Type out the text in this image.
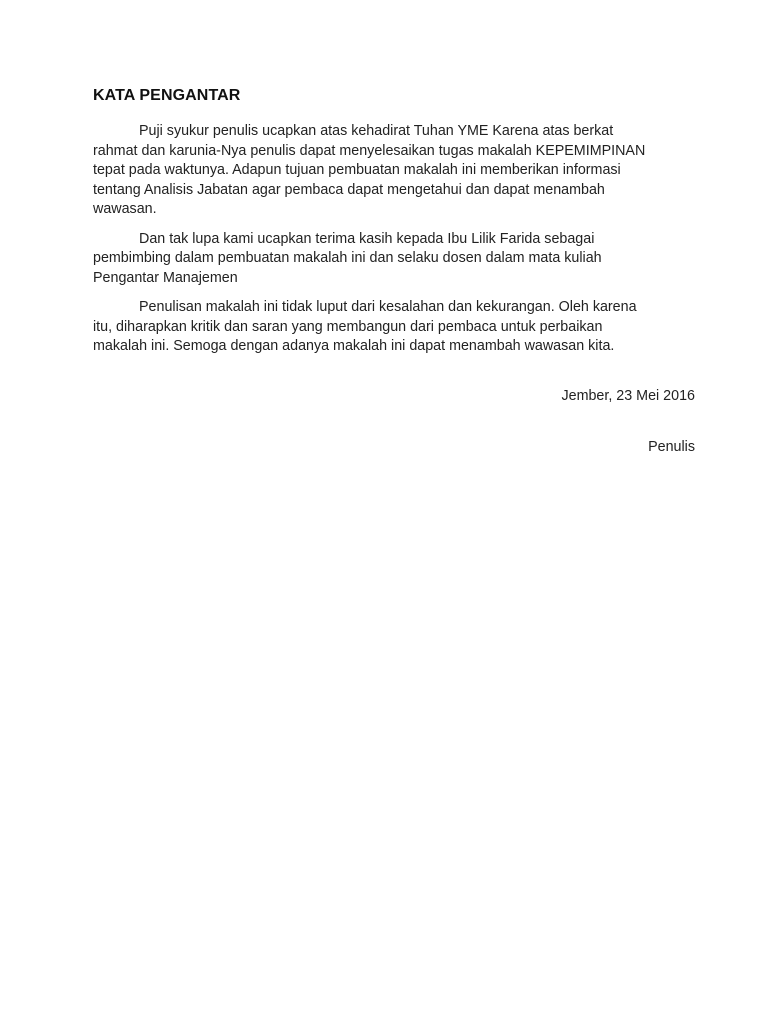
KATA PENGANTAR

Puji syukur penulis ucapkan atas kehadirat Tuhan YME Karena atas berkat
rahmat dan karunia-Nya penulis dapat menyelesaikan tugas makalah KEPEMIMPINAN
tepat pada waktunya. Adapun tujuan pembuatan makalah ini memberikan informasi
tentang Analisis Jabatan agar pembaca dapat mengetahui dan dapat menambah
wawasan.

Dan tak lupa kami ucapkan terima kasih kepada Ibu Lilik Farida sebagai
pembimbing dalam pembuatan makalah ini dan selaku dosen dalam mata kuliah
Pengantar Manajemen

Penulisan makalah ini tidak luput dari kesalahan dan kekurangan. Oleh karena
itu, diharapkan kritik dan saran yang membangun dari pembaca untuk perbaikan
makalah ini. Semoga dengan adanya makalah ini dapat menambah wawasan kita.

Jember, 23 Mei 2016
Penulis
